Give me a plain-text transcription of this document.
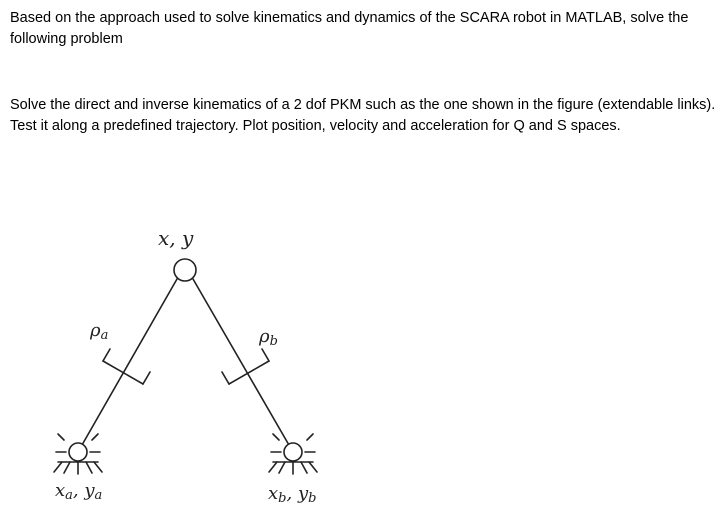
Based on the approach used to solve kinematics and dynamics of the SCARA robot in MATLAB, solve the following problem

Solve the direct and inverse kinematics of a 2 dof PKM such as the one shown in the figure (extendable links). Test it along a predefined trajectory. Plot position, velocity and acceleration for Q and S spaces.

x, y
ρa	ρb
xa, ya	xb, yb
